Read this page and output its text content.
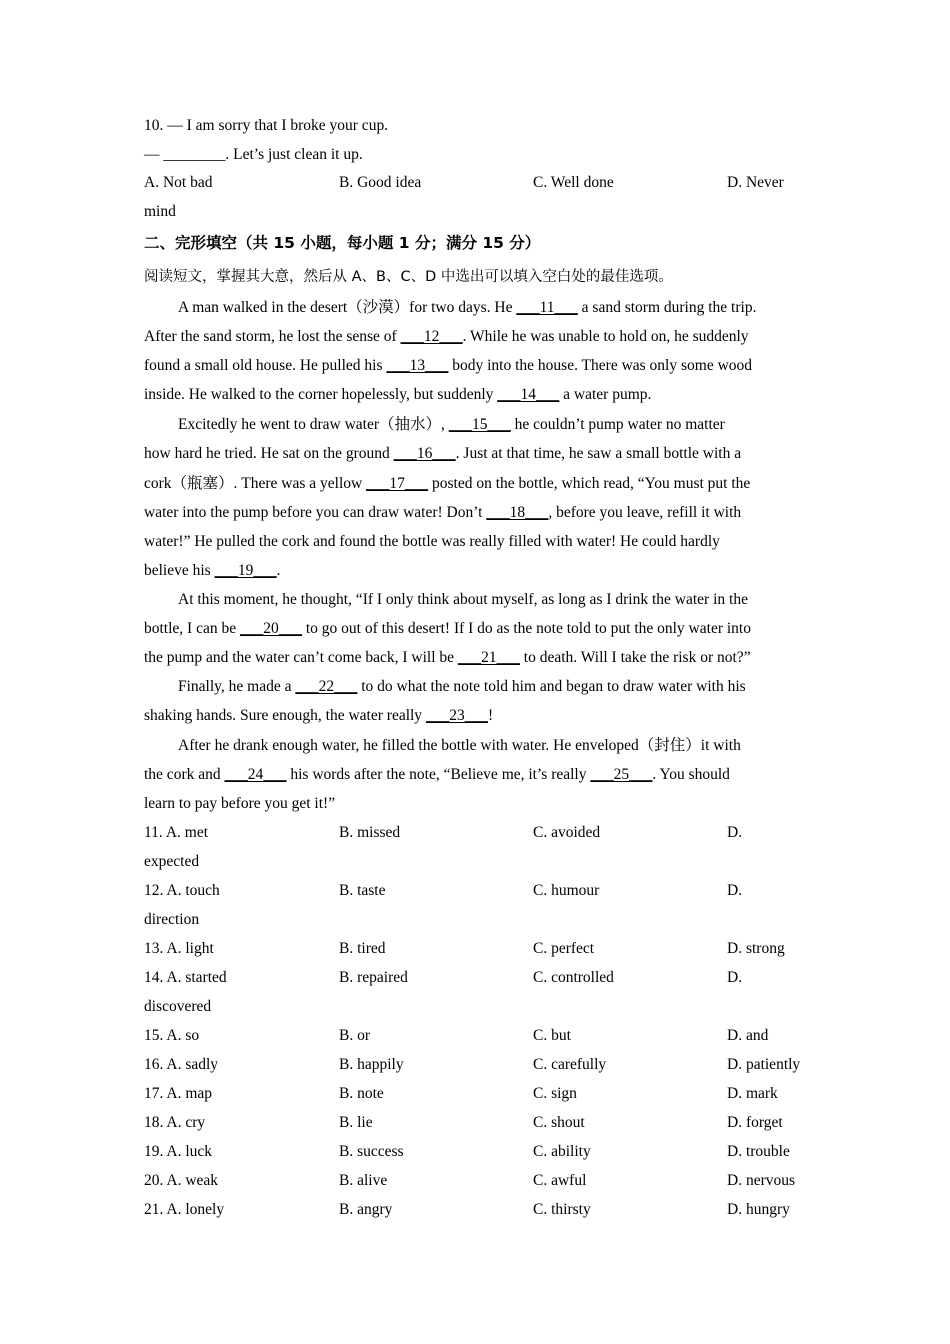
10. — I am sorry that I broke your cup.
— ________. Let’s just clean it up.
A. Not bad	B. Good idea	C. Well done	D. Never
mind
二、完形填空（共 15 小题，每小题 1 分；满分 15 分）
阅读短文，掌握其大意，然后从 A、B、C、D 中选出可以填入空白处的最佳选项。
A man walked in the desert（沙漠）for two days. He ___11___ a sand storm during the trip.
After the sand storm, he lost the sense of ___12___. While he was unable to hold on, he suddenly
found a small old house. He pulled his ___13___ body into the house. There was only some wood
inside. He walked to the corner hopelessly, but suddenly ___14___ a water pump.
Excitedly he went to draw water（抽水）, ___15___ he couldn’t pump water no matter
how hard he tried. He sat on the ground ___16___. Just at that time, he saw a small bottle with a
cork（瓶塞）. There was a yellow ___17___ posted on the bottle, which read, “You must put the
water into the pump before you can draw water! Don’t ___18___, before you leave, refill it with
water!” He pulled the cork and found the bottle was really filled with water! He could hardly
believe his ___19___.
At this moment, he thought, “If I only think about myself, as long as I drink the water in the
bottle, I can be ___20___ to go out of this desert! If I do as the note told to put the only water into
the pump and the water can’t come back, I will be ___21___ to death. Will I take the risk or not?”
Finally, he made a ___22___ to do what the note told him and began to draw water with his
shaking hands. Sure enough, the water really ___23___!
After he drank enough water, he filled the bottle with water. He enveloped（封住）it with
the cork and ___24___ his words after the note, “Believe me, it’s really ___25___. You should
learn to pay before you get it!”
11. A. met	B. missed	C. avoided	D.
expected
12. A. touch	B. taste	C. humour	D.
direction
13. A. light	B. tired	C. perfect	D. strong
14. A. started	B. repaired	C. controlled	D.
discovered
15. A. so	B. or	C. but	D. and
16. A. sadly	B. happily	C. carefully	D. patiently
17. A. map	B. note	C. sign	D. mark
18. A. cry	B. lie	C. shout	D. forget
19. A. luck	B. success	C. ability	D. trouble
20. A. weak	B. alive	C. awful	D. nervous
21. A. lonely	B. angry	C. thirsty	D. hungry
